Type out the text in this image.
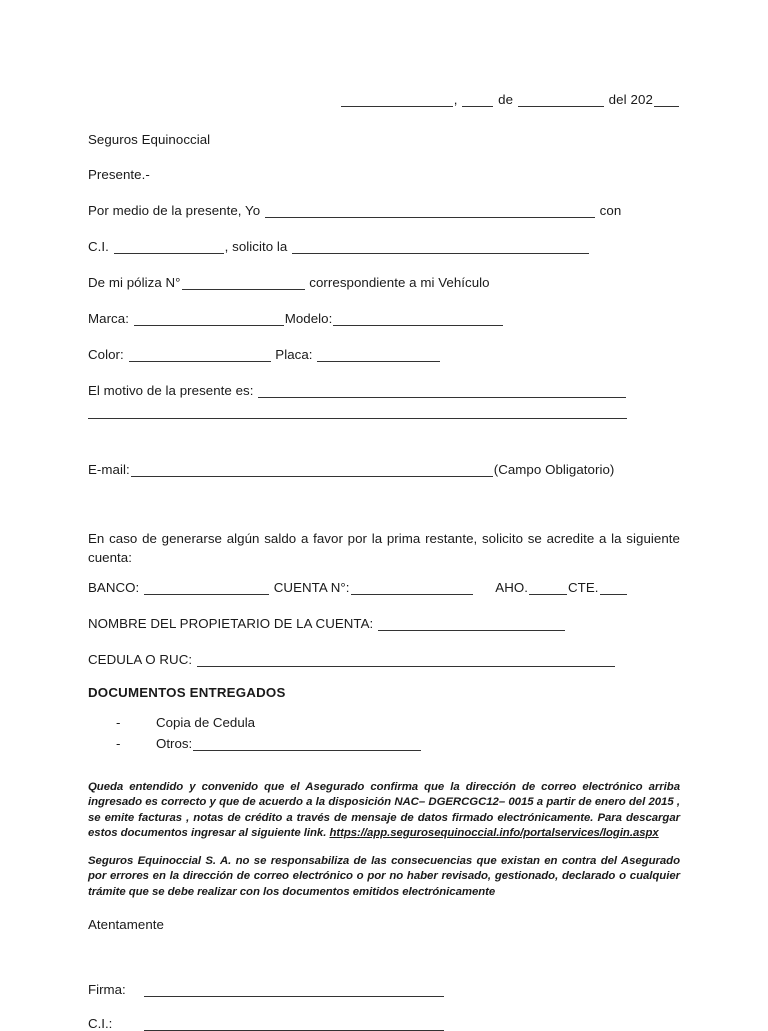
,	de	del 202
Seguros Equinoccial
Presente.-
Por medio de la presente, Yo	con
C.I.	, solicito la
De mi póliza N°	correspondiente a mi Vehículo
Marca:	Modelo:
Color:	Placa:
El motivo de la presente es:
E-mail:	(Campo Obligatorio)
En caso de generarse algún saldo a favor por la prima restante, solicito se acredite a la siguiente cuenta:
BANCO:	CUENTA N°:	AHO.	CTE.
NOMBRE DEL PROPIETARIO DE LA CUENTA:
CEDULA O RUC:
DOCUMENTOS ENTREGADOS
-	Copia de Cedula
-	Otros:
Queda entendido y convenido que el Asegurado confirma que la dirección de correo electrónico arriba ingresado es correcto y que de acuerdo a la disposición NAC– DGERCGC12– 0015 a partir de enero del 2015 , se emite facturas , notas de crédito a través de mensaje de datos firmado electrónicamente. Para descargar estos documentos ingresar al siguiente link. https://app.segurosequinoccial.info/portalservices/login.aspx
Seguros Equinoccial S. A. no se responsabiliza de las consecuencias que existan en contra del Asegurado por errores en la dirección de correo electrónico o por no haber revisado, gestionado, declarado o cualquier trámite que se debe realizar con los documentos emitidos electrónicamente
Atentamente
Firma:
C.I.:
